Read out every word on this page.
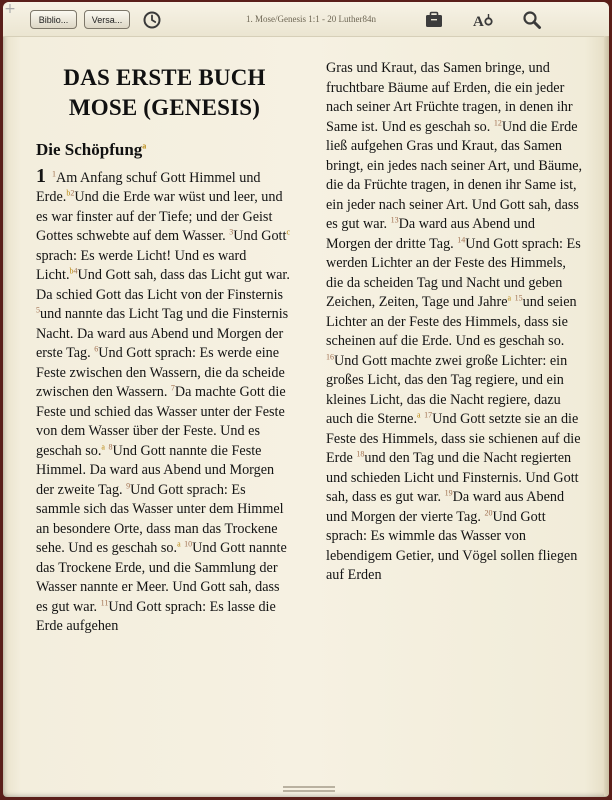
Biblio...	Versa...	1. Mose/Genesis 1:1 - 20 Luther84n	A
+
DAS ERSTE BUCH MOSE (GENESIS)
Die Schöpfung$^a$
1 $^1$Am Anfang schuf Gott Himmel und Erde.$^{b2}$Und die Erde war wüst und leer, und es war finster auf der Tiefe; und der Geist Gottes schwebte auf dem Wasser. $^3$Und Gott$^c$ sprach: Es werde Licht! Und es ward Licht.$^{b4}$Und Gott sah, dass das Licht gut war. Da schied Gott das Licht von der Finsternis $^5$und nannte das Licht Tag und die Finsternis Nacht. Da ward aus Abend und Morgen der erste Tag. $^6$Und Gott sprach: Es werde eine Feste zwischen den Wassern, die da scheide zwischen den Wassern. $^7$Da machte Gott die Feste und schied das Wasser unter der Feste von dem Wasser über der Feste. Und es geschah so.$^a$ $^8$Und Gott nannte die Feste Himmel. Da ward aus Abend und Morgen der zweite Tag. $^9$Und Gott sprach: Es sammle sich das Wasser unter dem Himmel an besondere Orte, dass man das Trockene sehe. Und es geschah so.$^a$ $^{10}$Und Gott nannte das Trockene Erde, und die Sammlung der Wasser nannte er Meer. Und Gott sah, dass es gut war. $^{11}$Und Gott sprach: Es lasse die Erde aufgehen
Gras und Kraut, das Samen bringe, und fruchtbare Bäume auf Erden, die ein jeder nach seiner Art Früchte tragen, in denen ihr Same ist. Und es geschah so. $^{12}$Und die Erde ließ aufgehen Gras und Kraut, das Samen bringt, ein jedes nach seiner Art, und Bäume, die da Früchte tragen, in denen ihr Same ist, ein jeder nach seiner Art. Und Gott sah, dass es gut war. $^{13}$Da ward aus Abend und Morgen der dritte Tag. $^{14}$Und Gott sprach: Es werden Lichter an der Feste des Himmels, die da scheiden Tag und Nacht und geben Zeichen, Zeiten, Tage und Jahre$^a$ $^{15}$und seien Lichter an der Feste des Himmels, dass sie scheinen auf die Erde. Und es geschah so. $^{16}$Und Gott machte zwei große Lichter: ein großes Licht, das den Tag regiere, und ein kleines Licht, das die Nacht regiere, dazu auch die Sterne.$^a$ $^{17}$Und Gott setzte sie an die Feste des Himmels, dass sie schienen auf die Erde $^{18}$und den Tag und die Nacht regierten und schieden Licht und Finsternis. Und Gott sah, dass es gut war. $^{19}$Da ward aus Abend und Morgen der vierte Tag. $^{20}$Und Gott sprach: Es wimmle das Wasser von lebendigem Getier, und Vögel sollen fliegen auf Erden
